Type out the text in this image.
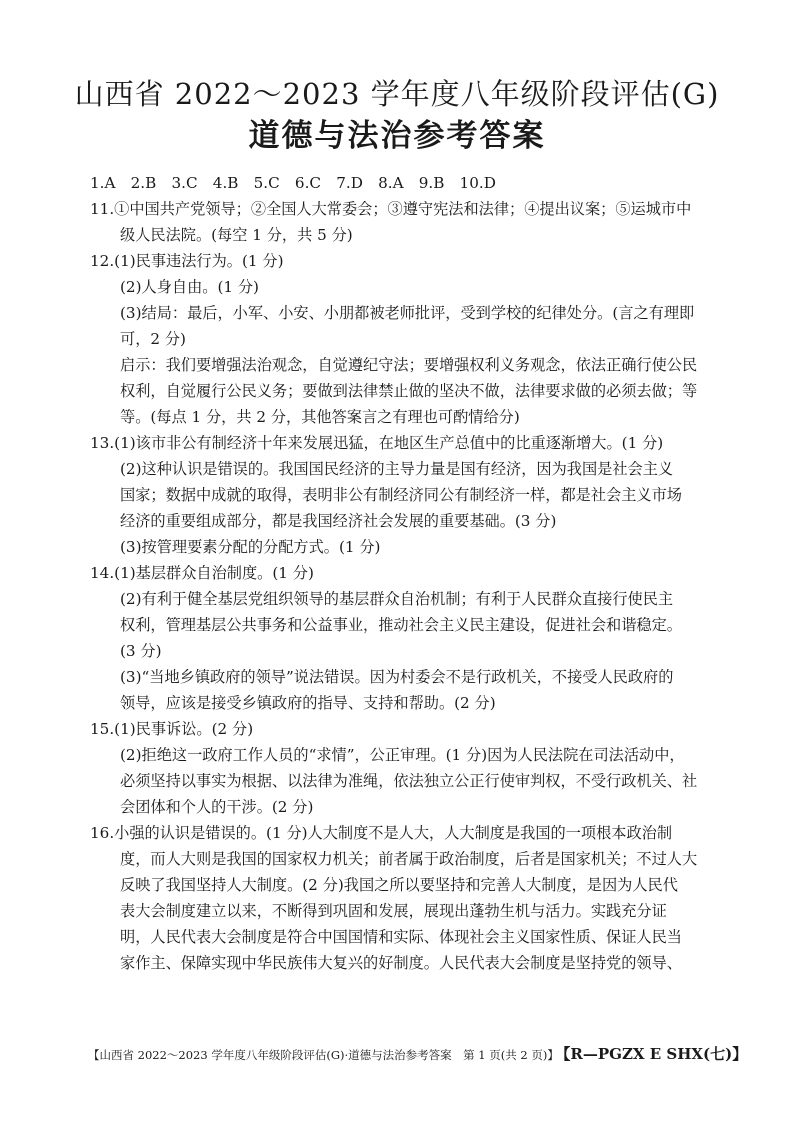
山西省 2022～2023 学年度八年级阶段评估(G)
道德与法治参考答案
1.A　2.B　3.C　4.B　5.C　6.C　7.D　8.A　9.B　10.D
11.①中国共产党领导；②全国人大常委会；③遵守宪法和法律；④提出议案；⑤运城市中
级人民法院。(每空 1 分，共 5 分)
12.(1)民事违法行为。(1 分)
(2)人身自由。(1 分)
(3)结局：最后，小军、小安、小朋都被老师批评，受到学校的纪律处分。(言之有理即
可，2 分)
启示：我们要增强法治观念，自觉遵纪守法；要增强权利义务观念，依法正确行使公民
权利，自觉履行公民义务；要做到法律禁止做的坚决不做，法律要求做的必须去做；等
等。(每点 1 分，共 2 分，其他答案言之有理也可酌情给分)
13.(1)该市非公有制经济十年来发展迅猛，在地区生产总值中的比重逐渐增大。(1 分)
(2)这种认识是错误的。我国国民经济的主导力量是国有经济，因为我国是社会主义
国家；数据中成就的取得，表明非公有制经济同公有制经济一样，都是社会主义市场
经济的重要组成部分，都是我国经济社会发展的重要基础。(3 分)
(3)按管理要素分配的分配方式。(1 分)
14.(1)基层群众自治制度。(1 分)
(2)有利于健全基层党组织领导的基层群众自治机制；有利于人民群众直接行使民主
权利，管理基层公共事务和公益事业，推动社会主义民主建设，促进社会和谐稳定。
(3 分)
(3)“当地乡镇政府的领导”说法错误。因为村委会不是行政机关，不接受人民政府的
领导，应该是接受乡镇政府的指导、支持和帮助。(2 分)
15.(1)民事诉讼。(2 分)
(2)拒绝这一政府工作人员的“求情”，公正审理。(1 分)因为人民法院在司法活动中，
必须坚持以事实为根据、以法律为准绳，依法独立公正行使审判权，不受行政机关、社
会团体和个人的干涉。(2 分)
16.小强的认识是错误的。(1 分)人大制度不是人大，人大制度是我国的一项根本政治制
度，而人大则是我国的国家权力机关；前者属于政治制度，后者是国家机关；不过人大
反映了我国坚持人大制度。(2 分)我国之所以要坚持和完善人大制度，是因为人民代
表大会制度建立以来，不断得到巩固和发展，展现出蓬勃生机与活力。实践充分证
明，人民代表大会制度是符合中国国情和实际、体现社会主义国家性质、保证人民当
家作主、保障实现中华民族伟大复兴的好制度。人民代表大会制度是坚持党的领导、
【山西省 2022～2023 学年度八年级阶段评估(G)·道德与法治参考答案　第 1 页(共 2 页)】 【R—PGZX E SHX(七)】
